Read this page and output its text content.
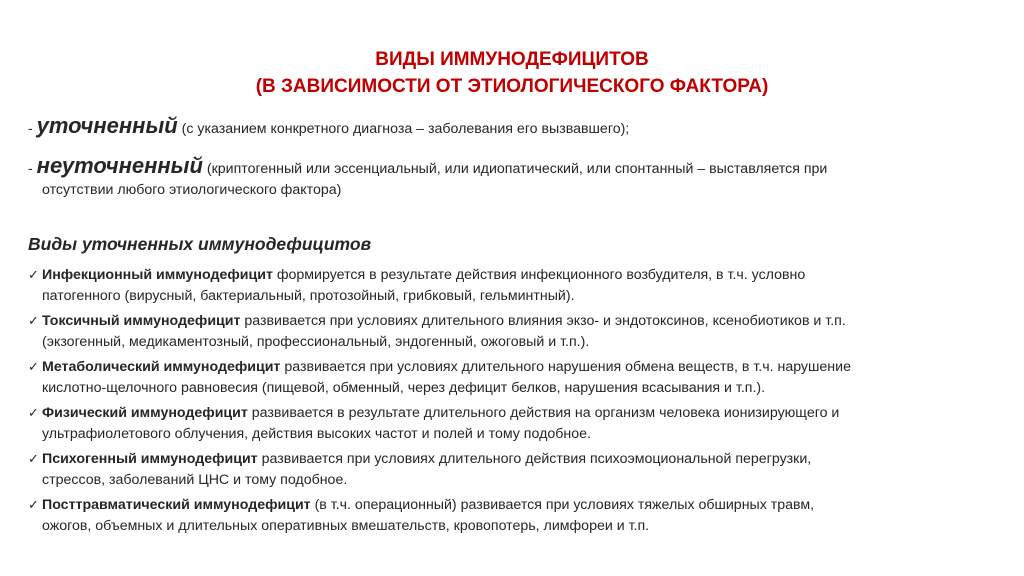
ВИДЫ ИММУНОДЕФИЦИТОВ
(В ЗАВИСИМОСТИ ОТ ЭТИОЛОГИЧЕСКОГО ФАКТОРА)
- уточненный (с указанием конкретного диагноза – заболевания его вызвавшего);
- неуточненный (криптогенный или эссенциальный, или идиопатический, или спонтанный – выставляется при
отсутствии любого этиологического фактора)
Виды уточненных иммунодефицитов
✓ Инфекционный иммунодефицит формируется в результате действия инфекционного возбудителя, в т.ч. условно
патогенного (вирусный, бактериальный, протозойный, грибковый, гельминтный).
✓ Токсичный иммунодефицит развивается при условиях длительного влияния экзо- и эндотоксинов, ксенобиотиков и т.п.
(экзогенный, медикаментозный, профессиональный, эндогенный, ожоговый и т.п.).
✓ Метаболический иммунодефицит развивается при условиях длительного нарушения обмена веществ, в т.ч. нарушение
кислотно-щелочного равновесия (пищевой, обменный, через дефицит белков, нарушения всасывания и т.п.).
✓ Физический иммунодефицит развивается в результате длительного действия на организм человека ионизирующего и
ультрафиолетового облучения, действия высоких частот и полей и тому подобное.
✓ Психогенный иммунодефицит развивается при условиях длительного действия психоэмоциональной перегрузки,
стрессов, заболеваний ЦНС и тому подобное.
✓ Посттравматический иммунодефицит (в т.ч. операционный) развивается при условиях тяжелых обширных травм,
ожогов, объемных и длительных оперативных вмешательств, кровопотерь, лимфореи и т.п.
